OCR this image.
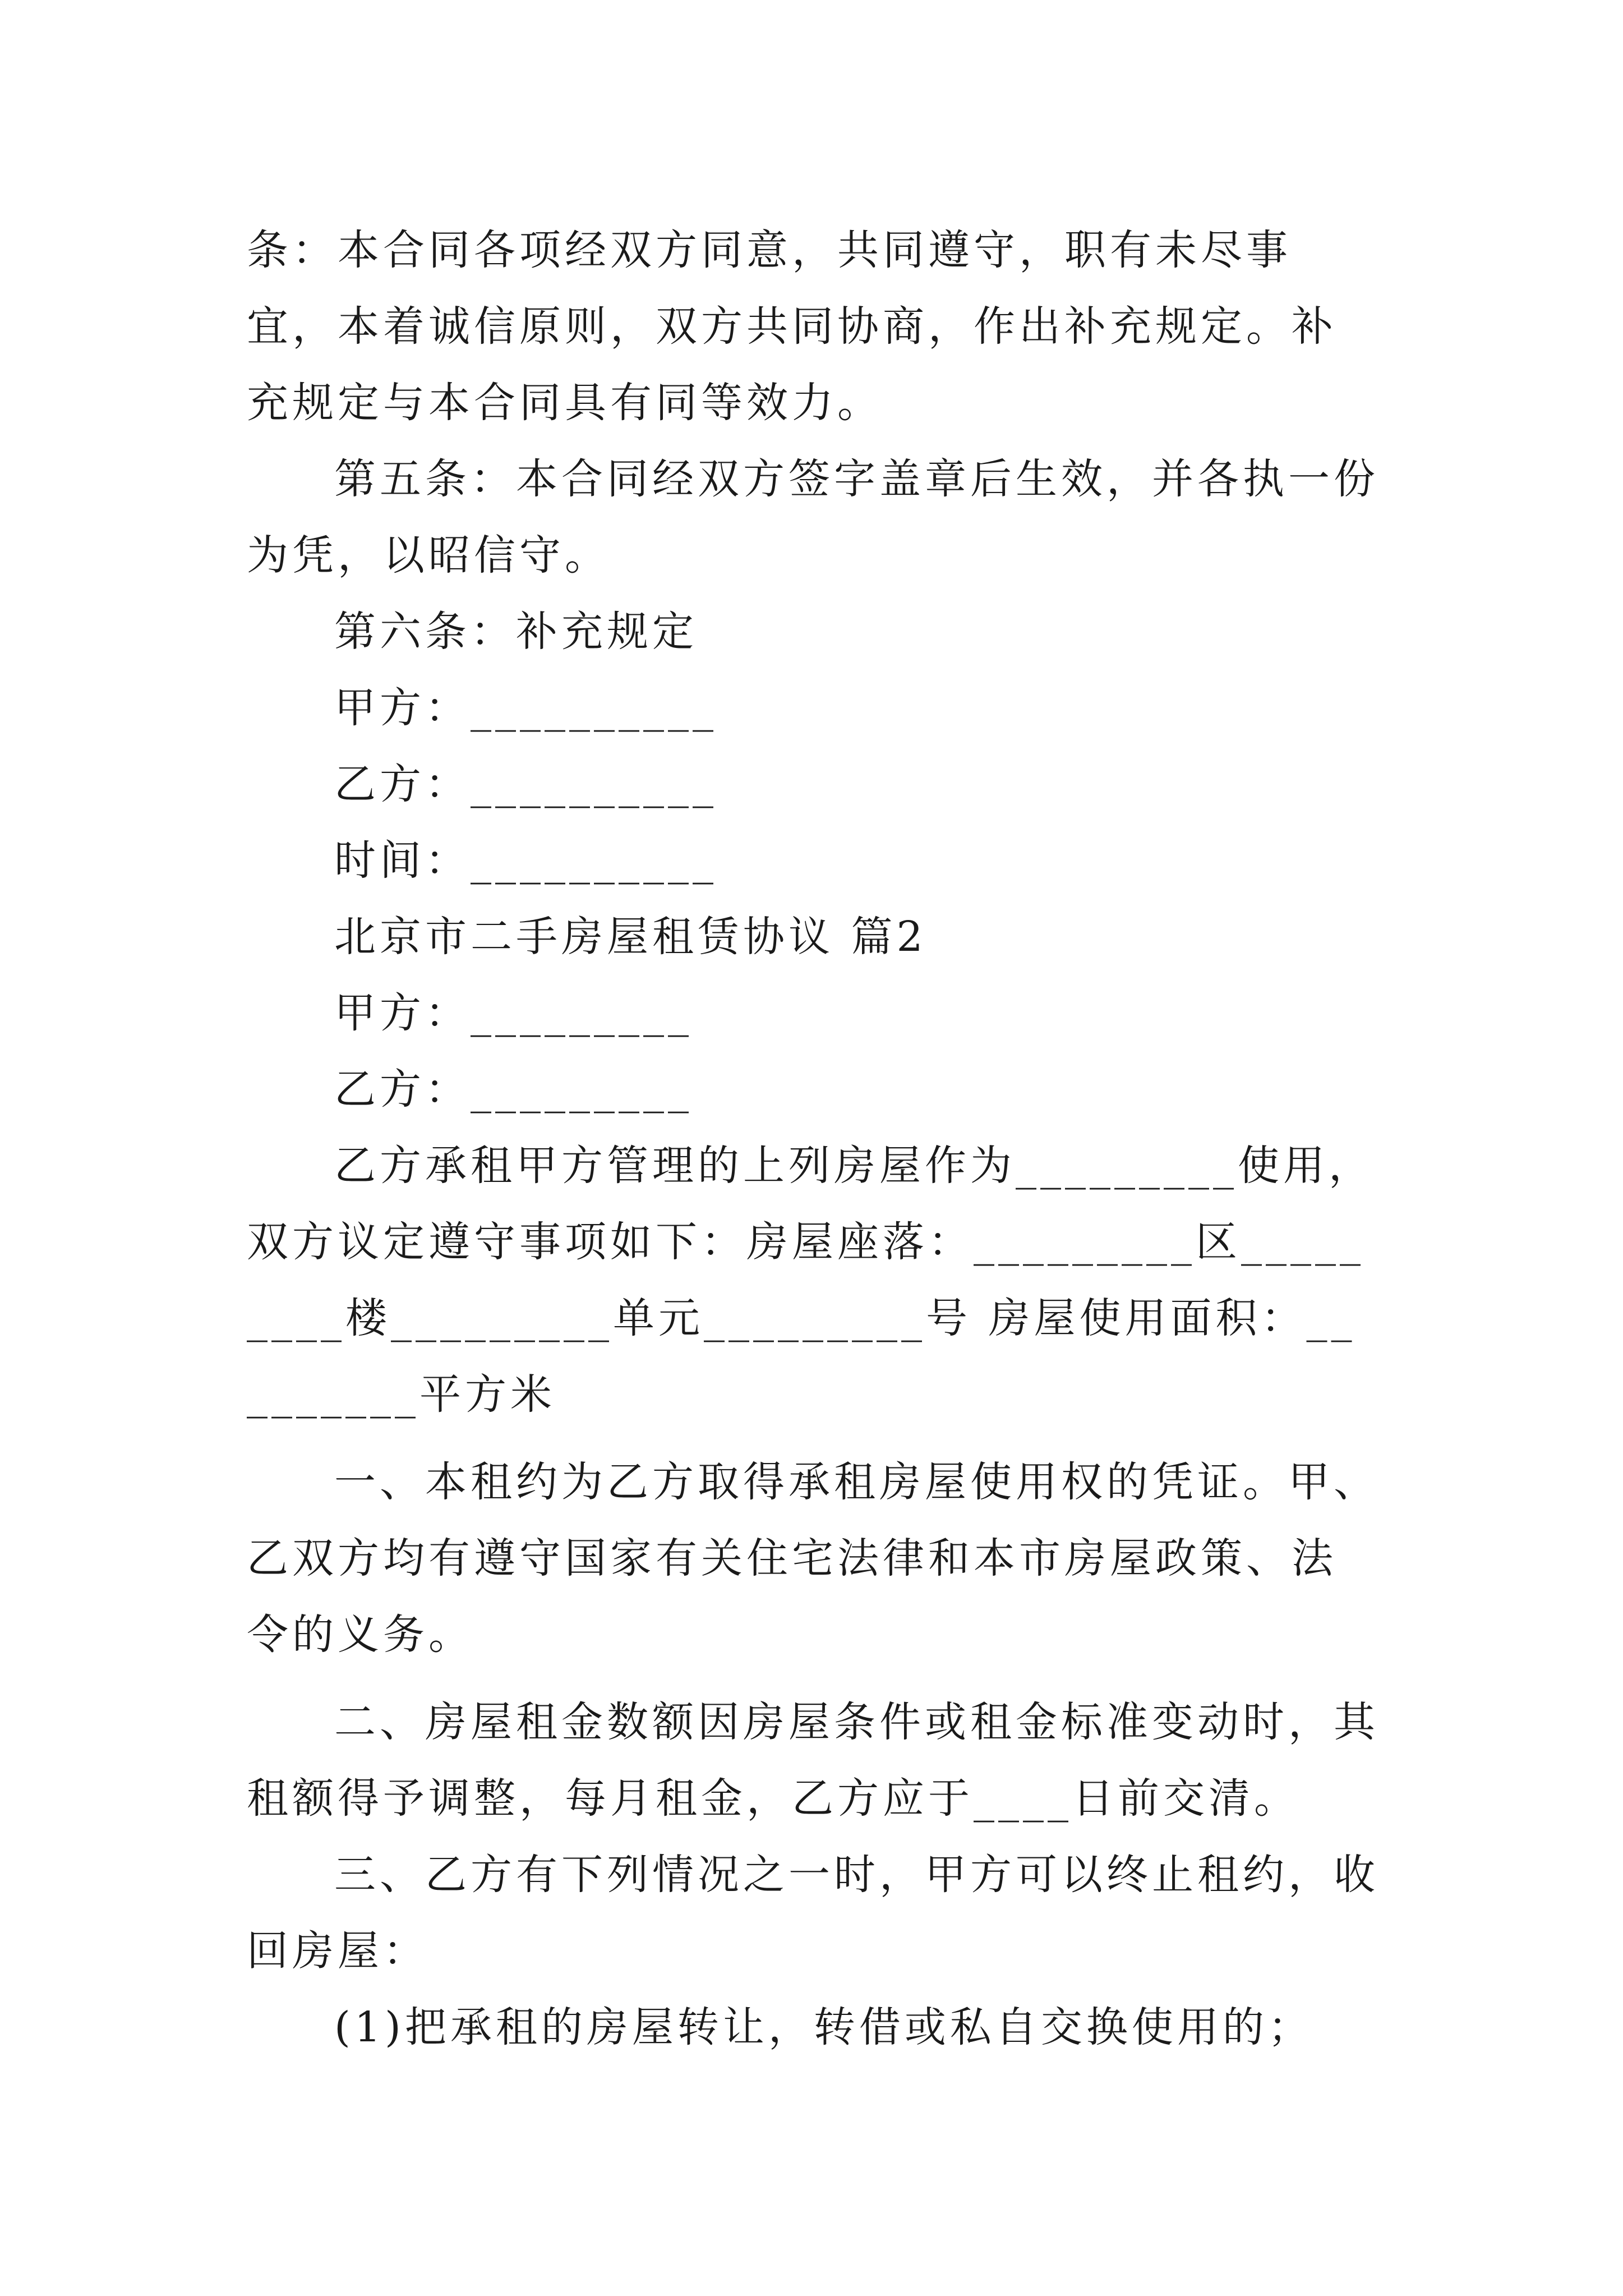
条：本合同各项经双方同意，共同遵守，职有未尽事宜，本着诚信原则，双方共同协商，作出补充规定。补充规定与本合同具有同等效力。

第五条：本合同经双方签字盖章后生效，并各执一份为凭，以昭信守。

第六条：补充规定

甲方：__________

乙方：__________

时间：__________

北京市二手房屋租赁协议 篇2

甲方：_________

乙方：_________

乙方承租甲方管理的上列房屋作为_________使用，双方议定遵守事项如下：房屋座落：_________区_________楼_________单元_________号 房屋使用面积：_________平方米

一、本租约为乙方取得承租房屋使用权的凭证。甲、乙双方均有遵守国家有关住宅法律和本市房屋政策、法令的义务。

二、房屋租金数额因房屋条件或租金标准变动时，其租额得予调整，每月租金，乙方应于____日前交清。

三、乙方有下列情况之一时，甲方可以终止租约，收回房屋：

(1)把承租的房屋转让，转借或私自交换使用的；
